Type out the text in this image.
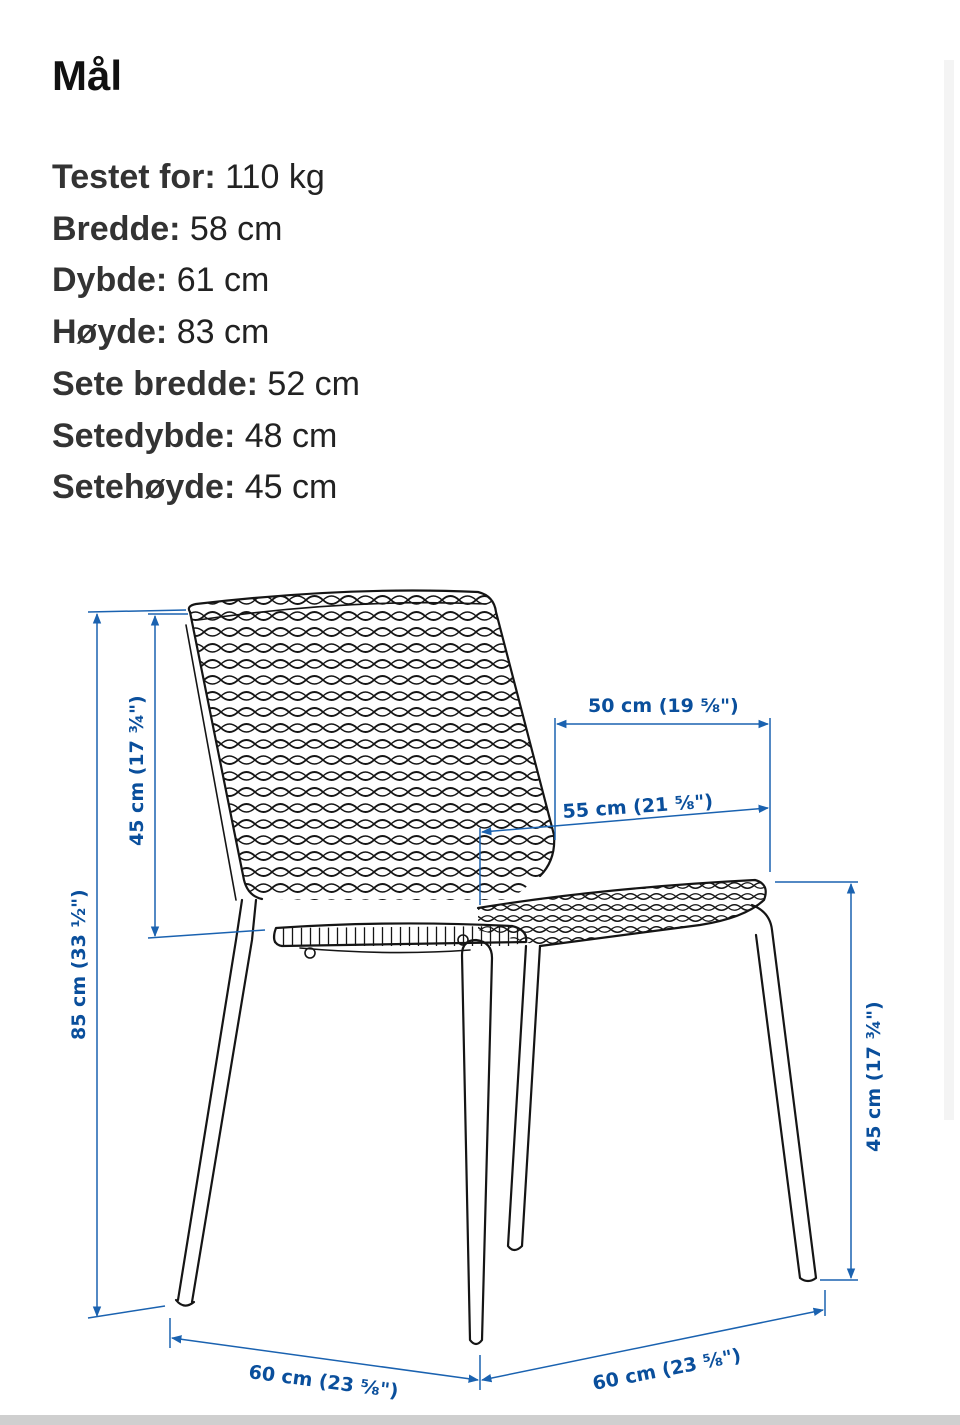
Mål
Testet for: 110 kg
Bredde: 58 cm
Dybde: 61 cm
Høyde: 83 cm
Sete bredde: 52 cm
Setedybde: 48 cm
Setehøyde: 45 cm
85 cm (33 ½")
45 cm (17 ¾")	50 cm (19 ⅝")
55 cm (21 ⅝")
45 cm (17 ¾")
60 cm (23 ⅝")	60 cm (23 ⅝")
